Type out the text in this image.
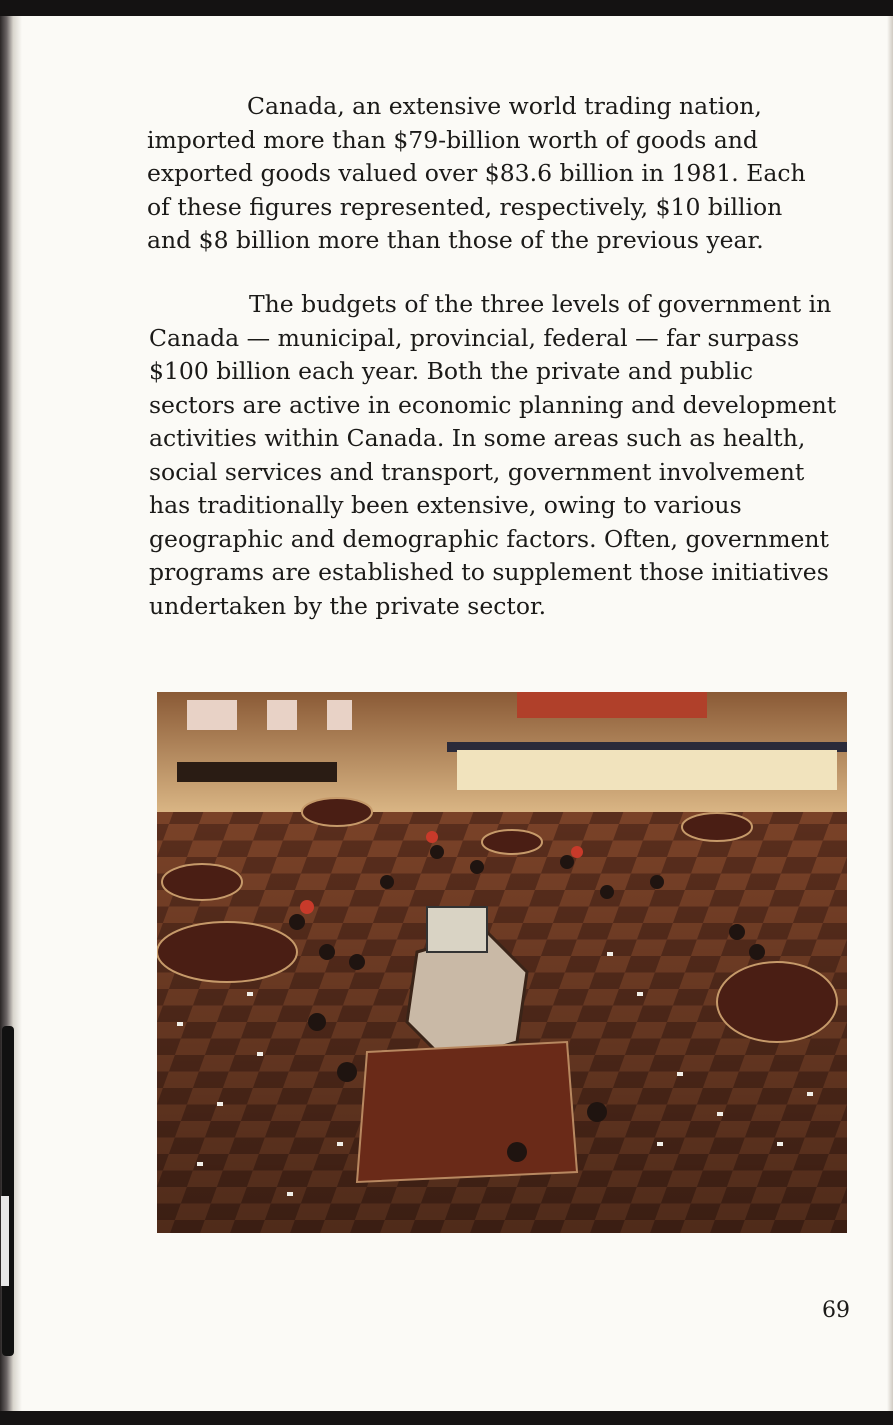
Canada, an extensive world trading nation, imported more than $79-billion worth of goods and exported goods valued over $83.6 billion in 1981. Each of these figures represented, respectively, $10 billion and $8 billion more than those of the previous year.

The budgets of the three levels of government in Canada — municipal, provincial, federal — far surpass $100 billion each year. Both the private and public sectors are active in economic planning and development activities within Canada. In some areas such as health, social services and transport, government involvement has traditionally been extensive, owing to various geographic and demographic factors. Often, government programs are established to supplement those initiatives undertaken by the private sector.

69
